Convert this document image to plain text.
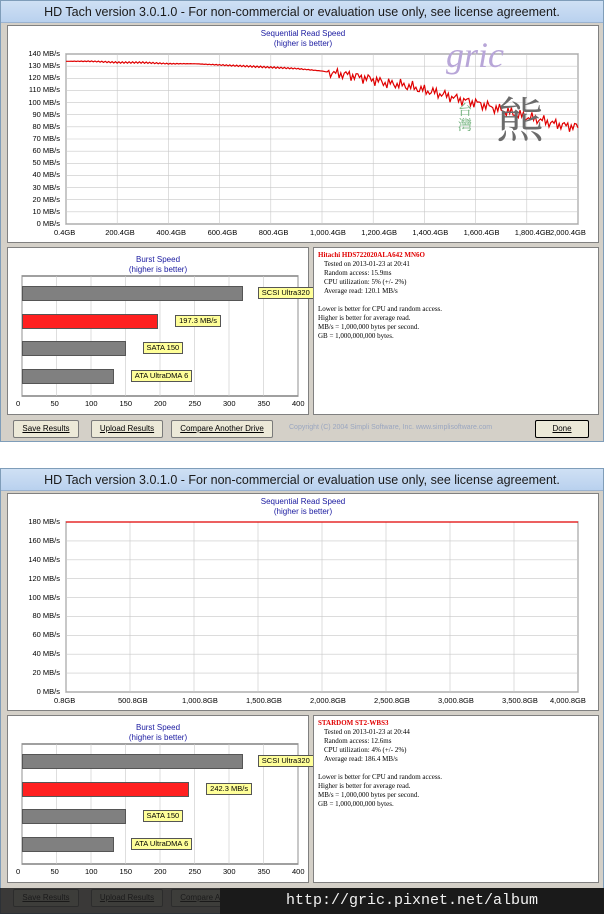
HD Tach version 3.0.1.0 - For non-commercial or evaluation use only, see license agreement.
Sequential Read Speed
(higher is better)
0 MB/s
10 MB/s
20 MB/s
30 MB/s
40 MB/s
50 MB/s
60 MB/s
70 MB/s
80 MB/s
90 MB/s
100 MB/s
110 MB/s
120 MB/s
130 MB/s
140 MB/s
0.4GB	200.4GB	400.4GB	600.4GB	800.4GB	1,000.4GB 1,200.4GB 1,400.4GB 1,600.4GB 1,800.4GB 2,000.4GB
gric
台灣 熊
Burst Speed
(higher is better)
0	50	100	150	200	250	300	350	400
SCSI Ultra320
197.3 MB/s
SATA 150
ATA UltraDMA 6
Hitachi HDS722020ALA642 MN6O
Tested on 2013-01-23 at 20:41
Random access: 15.9ms
CPU utilization: 5% (+/- 2%)
Average read: 120.1 MB/s
Lower is better for CPU and random access.
Higher is better for average read.
MB/s = 1,000,000 bytes per second.
GB = 1,000,000,000 bytes.
Save Results	Upload Results	Compare Another Drive	Copyright (C) 2004 Simpli Software, Inc. www.simplisoftware.com	Done
HD Tach version 3.0.1.0 - For non-commercial or evaluation use only, see license agreement.
Sequential Read Speed
(higher is better)
0 MB/s
20 MB/s
40 MB/s
60 MB/s
80 MB/s
100 MB/s
120 MB/s
140 MB/s
160 MB/s
180 MB/s
0.8GB	500.8GB	1,000.8GB	1,500.8GB	2,000.8GB	2,500.8GB	3,000.8GB	3,500.8GB 4,000.8GB
Burst Speed
(higher is better)
0	50	100	150	200	250	300	350	400
SCSI Ultra320
242.3 MB/s
SATA 150
ATA UltraDMA 6
STARDOM ST2-WBS3
Tested on 2013-01-23 at 20:44
Random access: 12.6ms
CPU utilization: 4% (+/- 2%)
Average read: 186.4 MB/s
Lower is better for CPU and random access.
Higher is better for average read.
MB/s = 1,000,000 bytes per second.
GB = 1,000,000,000 bytes.
http://gric.pixnet.net/album
